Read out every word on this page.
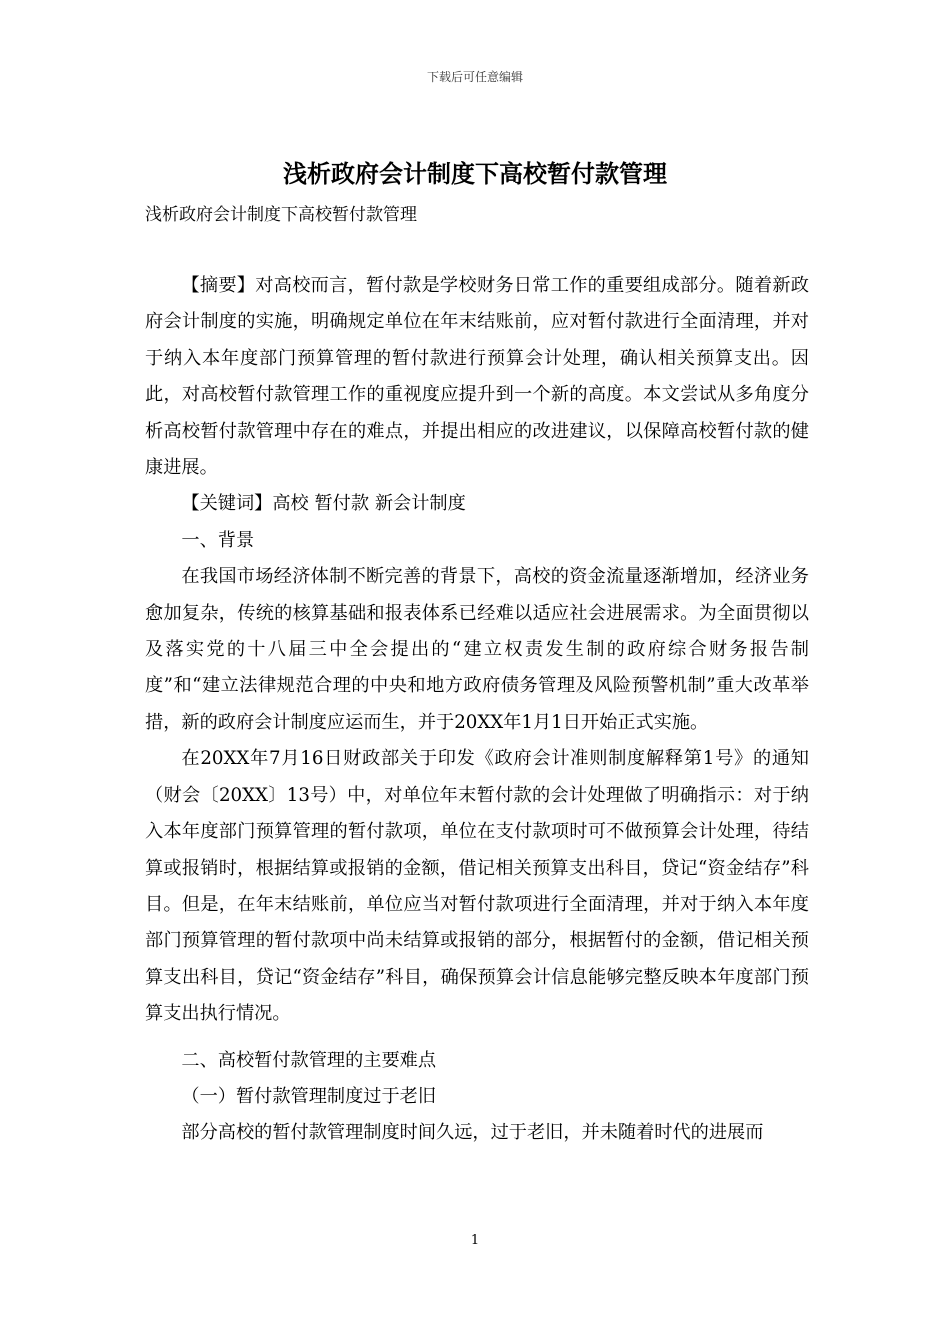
下载后可任意编辑
浅析政府会计制度下高校暂付款管理
浅析政府会计制度下高校暂付款管理

【摘要】对高校而言，暂付款是学校财务日常工作的重要组成部分。随着新政府会计制度的实施，明确规定单位在年末结账前，应对暂付款进行全面清理，并对于纳入本年度部门预算管理的暂付款进行预算会计处理，确认相关预算支出。因此，对高校暂付款管理工作的重视度应提升到一个新的高度。本文尝试从多角度分析高校暂付款管理中存在的难点，并提出相应的改进建议，以保障高校暂付款的健康进展。

【关键词】高校 暂付款 新会计制度

一、背景

在我国市场经济体制不断完善的背景下，高校的资金流量逐渐增加，经济业务愈加复杂，传统的核算基础和报表体系已经难以适应社会进展需求。为全面贯彻以及落实党的十八届三中全会提出的“建立权责发生制的政府综合财务报告制度”和“建立法律规范合理的中央和地方政府债务管理及风险预警机制”重大改革举措，新的政府会计制度应运而生，并于20XX年1月1日开始正式实施。

在20XX年7月16日财政部关于印发《政府会计准则制度解释第1号》的通知（财会〔20XX〕13号）中，对单位年末暂付款的会计处理做了明确指示：对于纳入本年度部门预算管理的暂付款项，单位在支付款项时可不做预算会计处理，待结算或报销时，根据结算或报销的金额，借记相关预算支出科目，贷记“资金结存”科目。但是，在年末结账前，单位应当对暂付款项进行全面清理，并对于纳入本年度部门预算管理的暂付款项中尚未结算或报销的部分，根据暂付的金额，借记相关预算支出科目，贷记“资金结存”科目，确保预算会计信息能够完整反映本年度部门预算支出执行情况。

二、高校暂付款管理的主要难点

（一）暂付款管理制度过于老旧

部分高校的暂付款管理制度时间久远，过于老旧，并未随着时代的进展而

1
